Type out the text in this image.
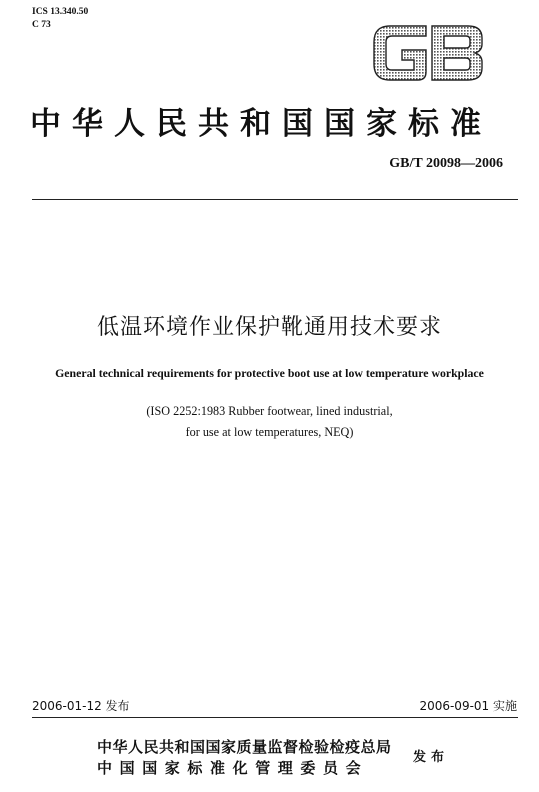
ICS 13.340.50
C 73
中华人民共和国国家标准
GB/T 20098—2006
低温环境作业保护靴通用技术要求
General technical requirements for protective boot use at low temperature workplace
(ISO 2252:1983 Rubber footwear, lined industrial,
for use at low temperatures, NEQ)
2006-01-12 发布	2006-09-01 实施
中华人民共和国国家质量监督检验检疫总局
中国国家标准化管理委员会
发布
